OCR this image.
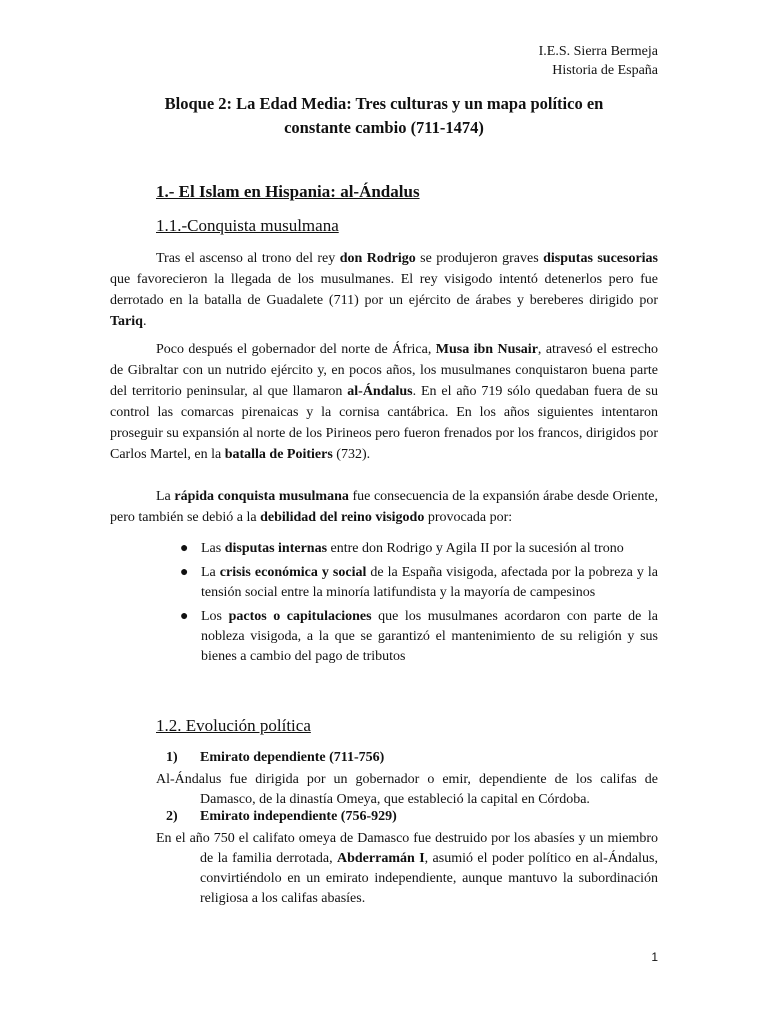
I.E.S. Sierra Bermeja
Historia de España
Bloque 2: La Edad Media: Tres culturas y un mapa político en constante cambio (711-1474)
1.- El Islam en Hispania: al-Ándalus
1.1.-Conquista musulmana

Tras el ascenso al trono del rey don Rodrigo se produjeron graves disputas sucesorias que favorecieron la llegada de los musulmanes. El rey visigodo intentó detenerlos pero fue derrotado en la batalla de Guadalete (711) por un ejército de árabes y bereberes dirigido por Tariq.

Poco después el gobernador del norte de África, Musa ibn Nusair, atravesó el estrecho de Gibraltar con un nutrido ejército y, en pocos años, los musulmanes conquistaron buena parte del territorio peninsular, al que llamaron al-Ándalus. En el año 719 sólo quedaban fuera de su control las comarcas pirenaicas y la cornisa cantábrica. En los años siguientes intentaron proseguir su expansión al norte de los Pirineos pero fueron frenados por los francos, dirigidos por Carlos Martel, en la batalla de Poitiers (732).

La rápida conquista musulmana fue consecuencia de la expansión árabe desde Oriente, pero también se debió a la debilidad del reino visigodo provocada por:

● Las disputas internas entre don Rodrigo y Agila II por la sucesión al trono
● La crisis económica y social de la España visigoda, afectada por la pobreza y la tensión social entre la minoría latifundista y la mayoría de campesinos
● Los pactos o capitulaciones que los musulmanes acordaron con parte de la nobleza visigoda, a la que se garantizó el mantenimiento de su religión y sus bienes a cambio del pago de tributos
1.2. Evolución política
1) Emirato dependiente (711-756)

Al-Ándalus fue dirigida por un gobernador o emir, dependiente de los califas de Damasco, de la dinastía Omeya, que estableció la capital en Córdoba.

2) Emirato independiente (756-929)

En el año 750 el califato omeya de Damasco fue destruido por los abasíes y un miembro de la familia derrotada, Abderramán I, asumió el poder político en al-Ándalus, convirtiéndolo en un emirato independiente, aunque mantuvo la subordinación religiosa a los califas abasíes.

1
